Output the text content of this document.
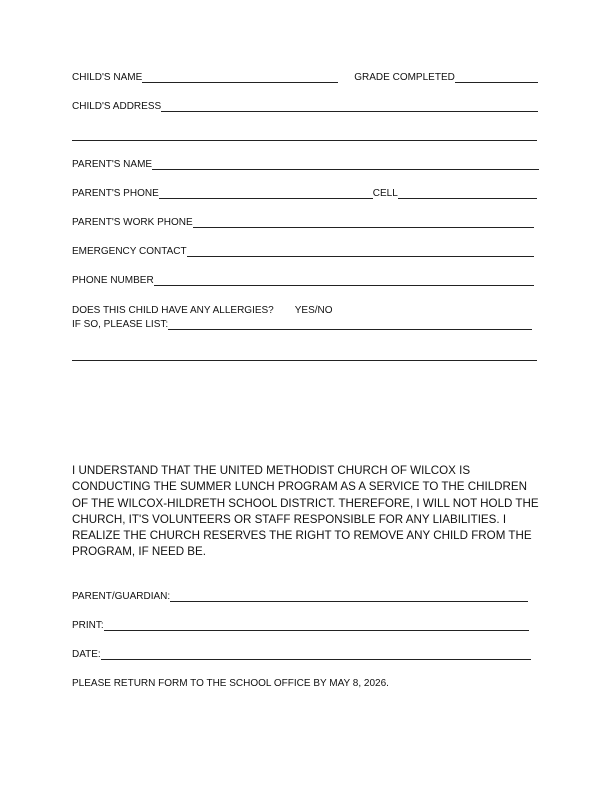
CHILD'S NAME	GRADE COMPLETED
CHILD'S ADDRESS
PARENT'S NAME
PARENT'S PHONE	CELL
PARENT'S WORK PHONE
EMERGENCY CONTACT
PHONE NUMBER
DOES THIS CHILD HAVE ANY ALLERGIES? YES/NO
IF SO, PLEASE LIST:
I UNDERSTAND THAT THE UNITED METHODIST CHURCH OF WILCOX IS CONDUCTING THE SUMMER LUNCH PROGRAM AS A SERVICE TO THE CHILDREN OF THE WILCOX-HILDRETH SCHOOL DISTRICT. THEREFORE, I WILL NOT HOLD THE CHURCH, IT'S VOLUNTEERS OR STAFF RESPONSIBLE FOR ANY LIABILITIES. I REALIZE THE CHURCH RESERVES THE RIGHT TO REMOVE ANY CHILD FROM THE PROGRAM, IF NEED BE.
PARENT/GUARDIAN:
PRINT:
DATE:
PLEASE RETURN FORM TO THE SCHOOL OFFICE BY MAY 8, 2026.
